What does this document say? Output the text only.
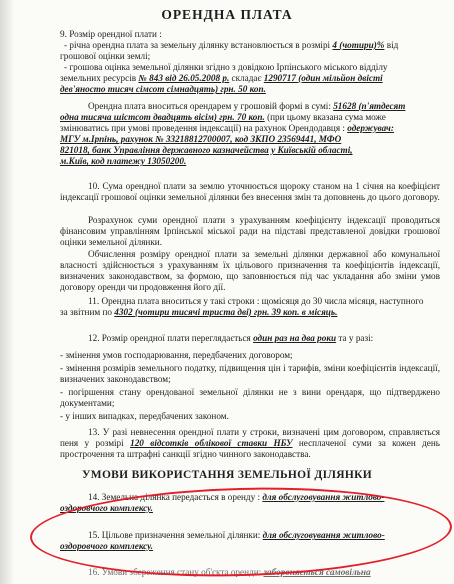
ОРЕНДНА ПЛАТА
9. Розмір орендної плати :
- річна орендна плата за земельну ділянку встановлюється в розмірі 4 (чотири)% від
грошової оцінки землі;
- грошова оцінка земельної ділянки згідно з довідкою Ірпінського міського відділу
земельних ресурсів № 843 від 26.05.2008 р. складає 1290717 (один мільйон двісті
дев'яносто тисяч сімсот сімнадцять) грн. 50 коп.
Орендна плата вноситься орендарем у грошовій формі в сумі: 51628 (п'ятдесят
одна тисяча шістсот двадцять вісім) грн. 70 коп. (при цьому вказана сума може
змінюватись при умові проведення індексації) на рахунок Орендодавця : одержувач:
МГУ м.Ірпінь, рахунок № 33218812700007, код ЗКПО 23569441, МФО
821018, банк Управління державного казначейства у Київській області,
м.Київ, код платежу 13050200.
10. Сума орендної плати за землю уточнюється щороку станом на 1 січня на коефіцієнт індексації грошової оцінки земельної ділянки без внесення змін та доповнень до цього договору.
Розрахунок суми орендної плати з урахуванням коефіцієнту індексації проводиться фінансовим управлінням Ірпінської міської ради на підставі представленої довідки грошової оцінки земельної ділянки.
Обчислення розміру орендної плати за земельні ділянки державної або комунальної власності здійснюється з урахуванням їх цільового призначення та коефіцієнтів індексації, визначених законодавством, за формою, що заповнюється під час укладання або зміни умов договору оренди чи продовження його дії.
11. Орендна плата вноситься у такі строки : щомісяця до 30 числа місяця, наступного
за звітним по 4302 (чотири тисячі триста дві) грн. 39 коп. в місяць.
12. Розмір орендної плати переглядається один раз на два роки та у разі:
- змінення умов господарювання, передбачених договором;
- змінення розмірів земельного податку, підвищення цін і тарифів, зміни коефіцієнтів індексації, визначених законодавством;
- погіршення стану орендованої земельної ділянки не з вини орендаря, що підтверджено документами;
- у інших випадках, передбачених законом.
13. У разі невнесення орендної плати у строки, визначені цим договором, справляється пеня у розмірі 120 відсотків облікової ставки НБУ несплаченої суми за кожен день прострочення та штрафні санкції згідно чинного законодавства.
УМОВИ ВИКОРИСТАННЯ ЗЕМЕЛЬНОЇ ДІЛЯНКИ
14. Земельна ділянка передається в оренду : для обслуговування житлово-
оздоровчого комплексу.
15. Цільове призначення земельної ділянки: для обслуговування житлово-
оздоровчого комплексу.
16. Умови збереження стану об'єкта оренди: забороняється самовільна
